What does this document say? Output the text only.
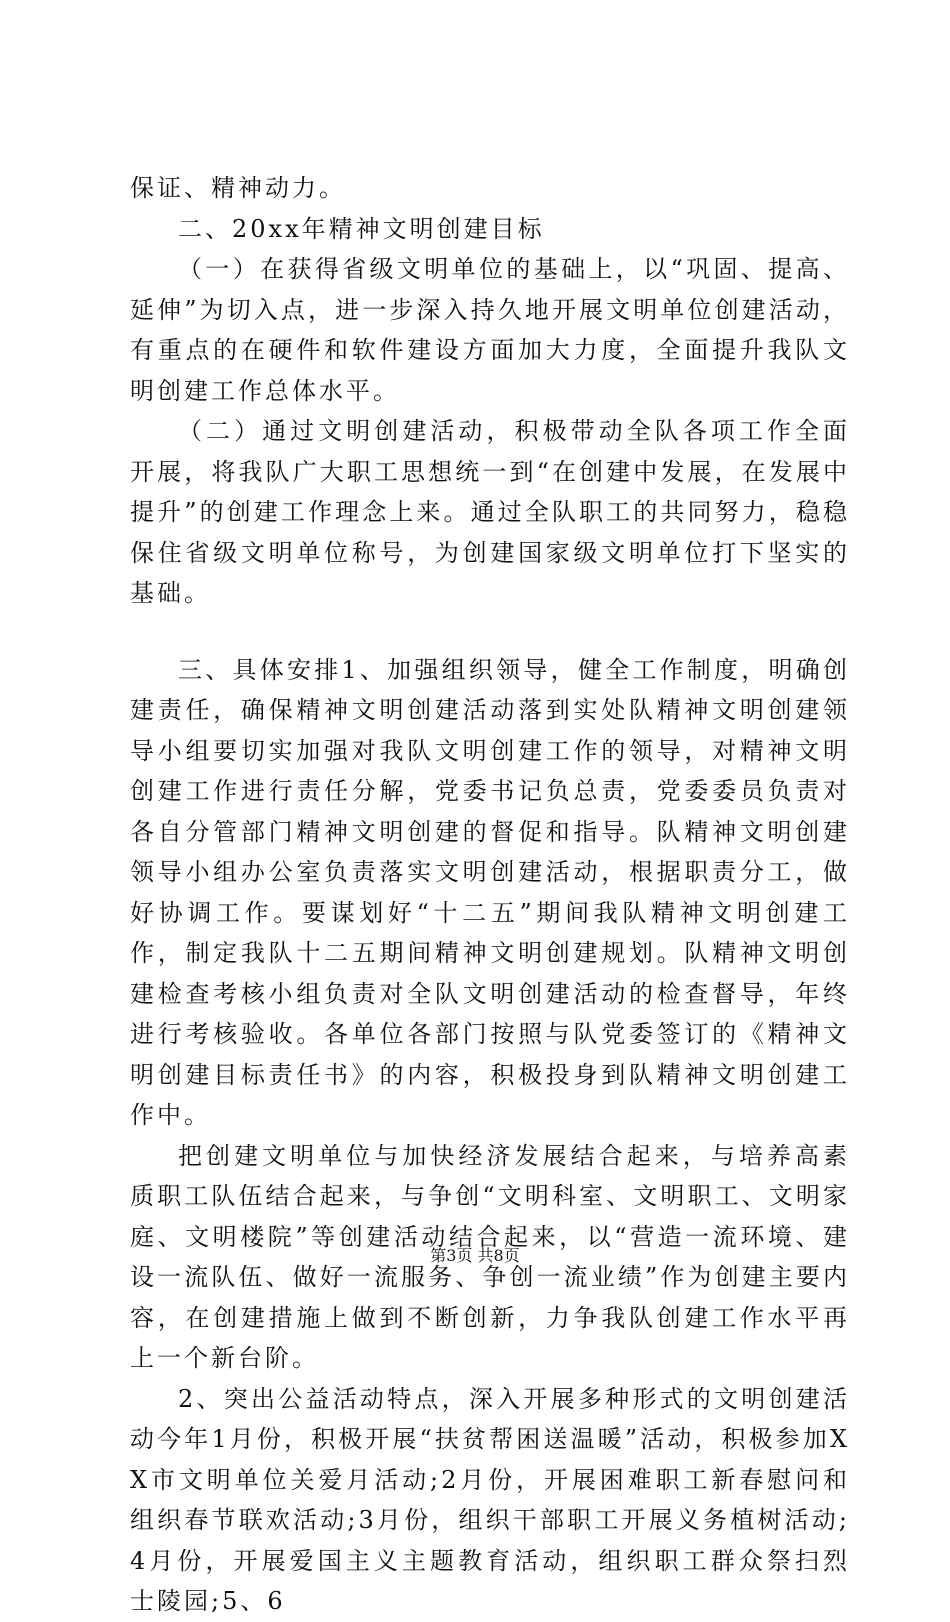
保证、精神动力。

二、20xx年精神文明创建目标

（一）在获得省级文明单位的基础上，以“巩固、提高、延伸”为切入点，进一步深入持久地开展文明单位创建活动，有重点的在硬件和软件建设方面加大力度，全面提升我队文明创建工作总体水平。

（二）通过文明创建活动，积极带动全队各项工作全面开展，将我队广大职工思想统一到“在创建中发展，在发展中提升”的创建工作理念上来。通过全队职工的共同努力，稳稳保住省级文明单位称号，为创建国家级文明单位打下坚实的基础。

三、具体安排1、加强组织领导，健全工作制度，明确创建责任，确保精神文明创建活动落到实处队精神文明创建领导小组要切实加强对我队文明创建工作的领导，对精神文明创建工作进行责任分解，党委书记负总责，党委委员负责对各自分管部门精神文明创建的督促和指导。队精神文明创建领导小组办公室负责落实文明创建活动，根据职责分工，做好协调工作。要谋划好“十二五”期间我队精神文明创建工作，制定我队十二五期间精神文明创建规划。队精神文明创建检查考核小组负责对全队文明创建活动的检查督导，年终进行考核验收。各单位各部门按照与队党委签订的《精神文明创建目标责任书》的内容，积极投身到队精神文明创建工作中。

把创建文明单位与加快经济发展结合起来，与培养高素质职工队伍结合起来，与争创“文明科室、文明职工、文明家庭、文明楼院”等创建活动结合起来，以“营造一流环境、建设一流队伍、做好一流服务、争创一流业绩”作为创建主要内容，在创建措施上做到不断创新，力争我队创建工作水平再上一个新台阶。

2、突出公益活动特点，深入开展多种形式的文明创建活动今年1月份，积极开展“扶贫帮困送温暖”活动，积极参加XX市文明单位关爱月活动;2月份，开展困难职工新春慰问和组织春节联欢活动;3月份，组织干部职工开展义务植树活动;4月份，开展爱国主义主题教育活动，组织职工群众祭扫烈士陵园;5、6

第3页 共8页
